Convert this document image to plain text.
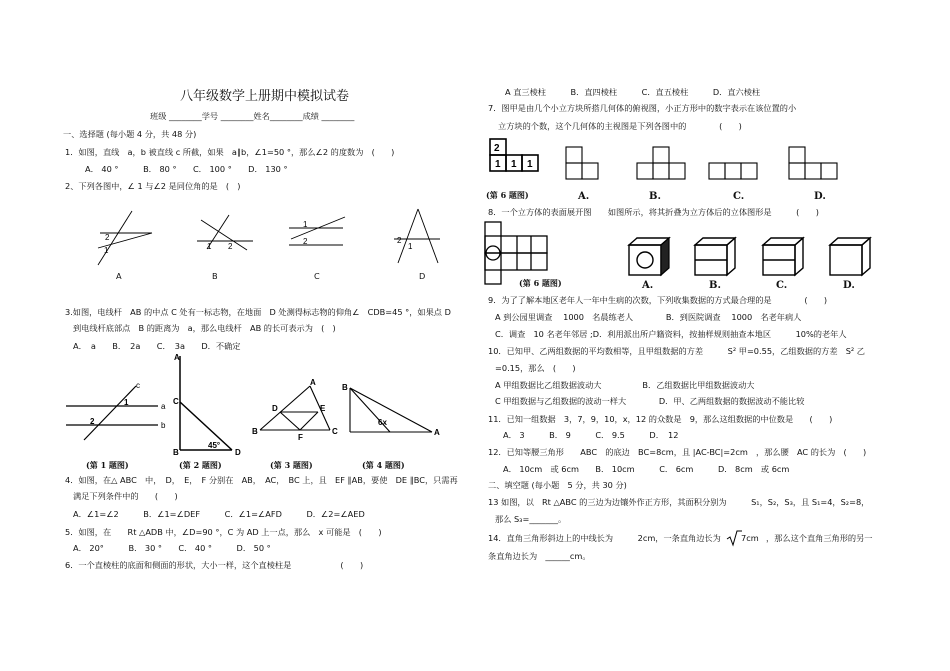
八年级数学上册期中模拟试卷
班级 ________学号 ________姓名________成绩 ________
一、选择题 (每小题 4 分，共 48 分)
1．如图，直线　a，b 被直线 c 所截，如果　a∥b，∠1=50 °，那么∠2 的度数为　(　　)
A． 40 °　　　B． 80 °　　C． 100 °　　D． 130 °
2、下列各图中，∠ 1 与∠2 是同位角的是　(　)
2
1
A
1 2
B
1
2
C
2
1
D
3.如图，电线杆　AB 的中点 C 处有一标志物，在地面　D 处测得标志物的仰角∠　CDB=45 °，如果点 D
到电线杆底部点　B 的距离为　a，那么电线杆　AB 的长可表示为　(　)
A．　a　　B．　2a　　C．　3a　　D．不确定
c
a
b
1
2
(第 1 题图)
A
C
B	D
45°
(第 2 题图)
A
D	E
B
F
C
(第 3 题图)
B
6x
A
(第 4 题图)
4．如图，在△ ABC　中，　D，　E，　F 分别在　AB，　AC，　BC 上，且　EF ∥AB，要使　DE ∥BC，只需再
满足下列条件中的　　(　　)
A．∠1=∠2　　　B．∠1=∠DEF　　　C．∠1=∠AFD　　　D．∠2=∠AED
5．如图，在　　Rt △ADB 中，∠D=90 °，C 为 AD 上一点，那么　x 可能是　(　　)
A． 20°　　　B． 30 °　　C． 40 °　　　D． 50 °
6．一个直棱柱的底面和侧面的形状，大小一样，这个直棱柱是　　　　　　(　　)
A 直三棱柱　　　B．直四棱柱　　　C．直五棱柱　　　D．直六棱柱
7．图甲是由几个小立方块所搭几何体的俯视图，小正方形中的数字表示在该位置的小
立方块的个数，这个几何体的主视图是下列各图中的　　　　(　　)
2
1 1 1
(第 6 题图)	A.	B.	C.	D.
8．一个立方体的表面展开图　　如图所示，将其折叠为立方体后的立体图形是　　　(　　)
(第 6 题图)	A.	B.	C.	D.
9．为了了解本地区老年人一年中生病的次数，下列收集数据的方式最合理的是　　　　(　　)
A 到公园里调查　 1000　名晨练老人　　　　B．到医院调查　 1000　名老年病人
C．调查　10 名老年邻居 ;D．利用派出所户籍资料，按抽样规则抽查本地区　　　10%的老年人
10．已知甲、乙两组数据的平均数相等，且甲组数据的方差　　　S² 甲=0.55，乙组数据的方差　S² 乙
=0.15，那么　(　　)
A 甲组数据比乙组数据波动大　　　　　B．乙组数据比甲组数据波动大
C 甲组数据与乙组数据的波动一样大　　　　D．甲、乙两组数据的数据波动不能比较
11．已知一组数据　3，7，9，10，x，12 的众数是　9，那么这组数据的中位数是　　(　　)
A． 3　　　B． 9　　　C． 9.5　　　D．　12
12．已知等腰三角形　　ABC　的底边　BC=8cm，且 |AC-BC|=2cm　，那么腰　AC 的长为　(　　)
A． 10cm　或 6cm　　B． 10cm　　　C． 6cm　　　D． 8cm　或 6cm
二、填空题 (每小题　5 分，共 30 分)
13 如图，以　Rt △ABC 的三边为边镶外作正方形，其面积分别为　　　S₁，S₂，S₃，且 S₁=4，S₂=8，
那么 S₃=_______。
14．直角三角形斜边上的中线长为　　　2cm，一条直角边长为 7cm ，那么这个直角三角形的另一
条直角边长为　______cm。
